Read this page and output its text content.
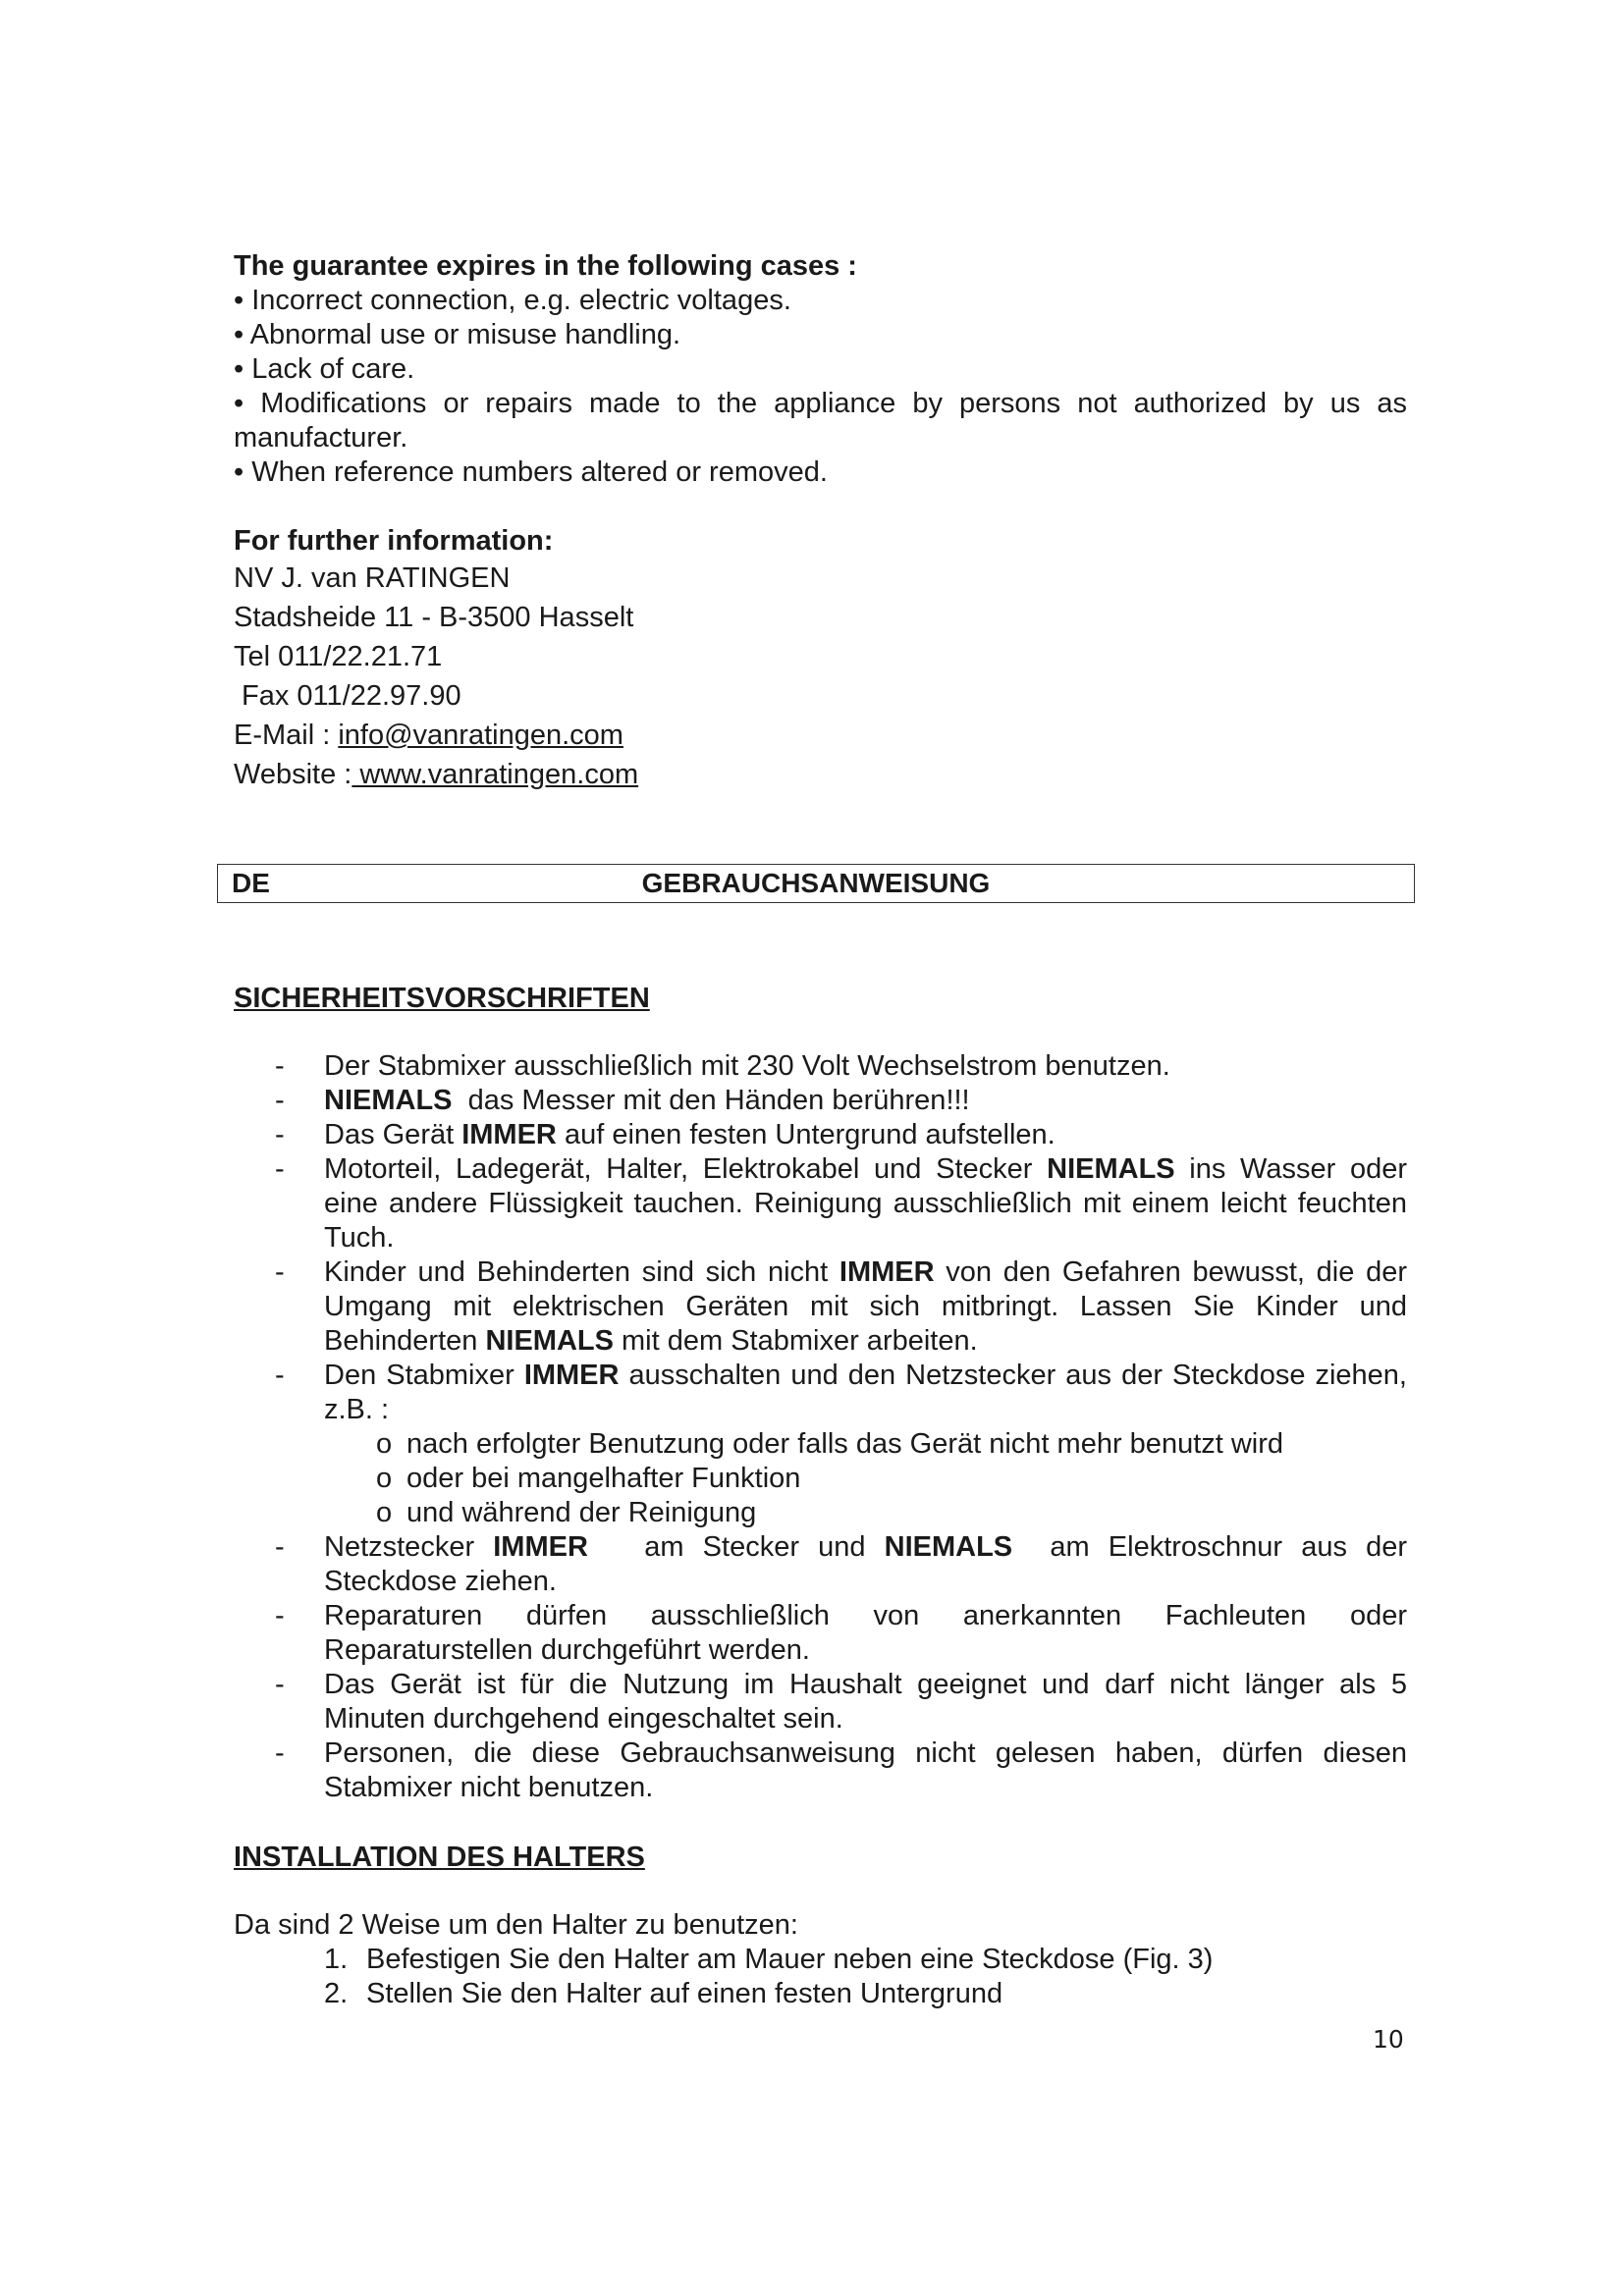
The guarantee expires in the following cases :

• Incorrect connection, e.g. electric voltages.

• Abnormal use or misuse handling.

• Lack of care.

• Modifications or repairs made to the appliance by persons not authorized by us as manufacturer.

• When reference numbers altered or removed.

For further information:

NV J. van RATINGEN

Stadsheide 11 - B-3500 Hasselt

Tel 011/22.21.71

Fax 011/22.97.90

E-Mail : info@vanratingen.com

Website : www.vanratingen.com

DE	GEBRAUCHSANWEISUNG

SICHERHEITSVORSCHRIFTEN

- Der Stabmixer ausschließlich mit 230 Volt Wechselstrom benutzen.
- NIEMALS  das Messer mit den Händen berühren!!!
- Das Gerät IMMER auf einen festen Untergrund aufstellen.
- Motorteil, Ladegerät, Halter, Elektrokabel und Stecker NIEMALS ins Wasser oder eine andere Flüssigkeit tauchen. Reinigung ausschließlich mit einem leicht feuchten Tuch.
- Kinder und Behinderten sind sich nicht IMMER von den Gefahren bewusst, die der Umgang mit elektrischen Geräten mit sich mitbringt. Lassen Sie Kinder und Behinderten NIEMALS mit dem Stabmixer arbeiten.
- Den Stabmixer IMMER ausschalten und den Netzstecker aus der Steckdose ziehen, z.B. :
o nach erfolgter Benutzung oder falls das Gerät nicht mehr benutzt wird
o oder bei mangelhafter Funktion
o und während der Reinigung
- Netzstecker IMMER   am Stecker und NIEMALS  am Elektroschnur aus der Steckdose ziehen.
- Reparaturen dürfen ausschließlich von anerkannten Fachleuten oder Reparaturstellen durchgeführt werden.
- Das Gerät ist für die Nutzung im Haushalt geeignet und darf nicht länger als 5 Minuten durchgehend eingeschaltet sein.
- Personen, die diese Gebrauchsanweisung nicht gelesen haben, dürfen diesen Stabmixer nicht benutzen.

INSTALLATION DES HALTERS

Da sind 2 Weise um den Halter zu benutzen:

1. Befestigen Sie den Halter am Mauer neben eine Steckdose (Fig. 3)
2. Stellen Sie den Halter auf einen festen Untergrund
10
